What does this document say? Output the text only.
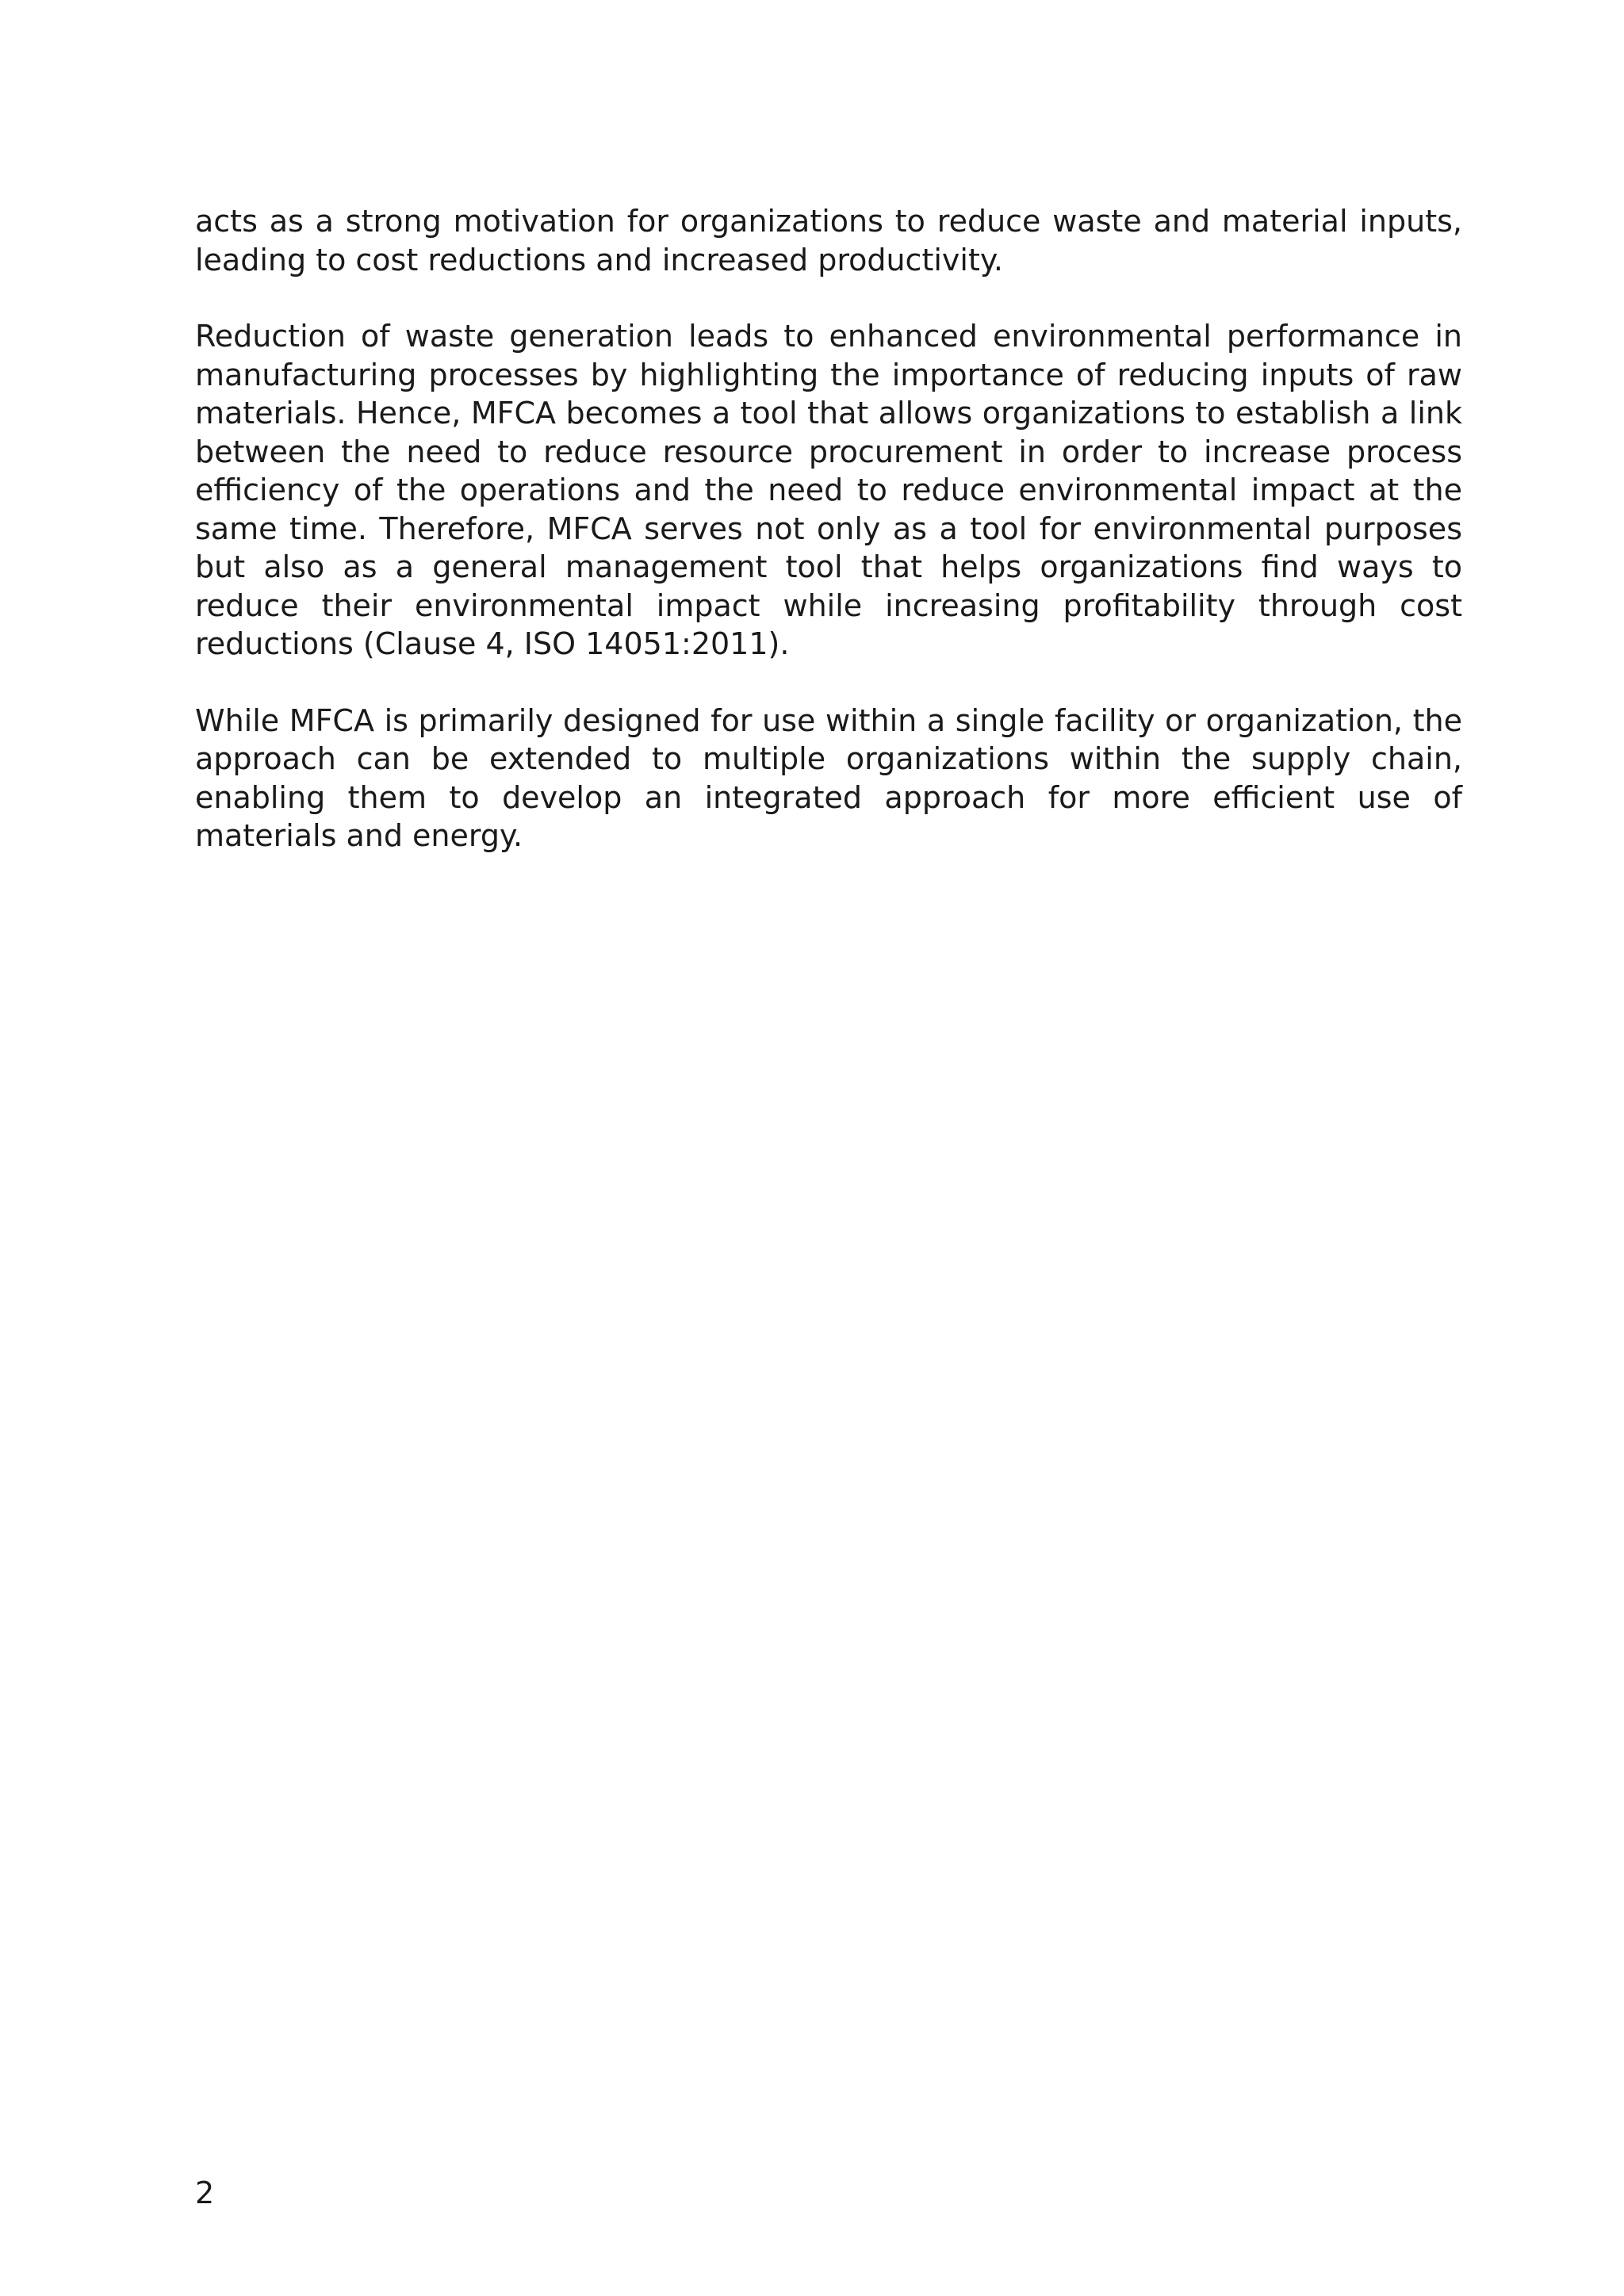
acts as a strong motivation for organizations to reduce waste and material inputs, leading to cost reductions and increased productivity.

Reduction of waste generation leads to enhanced environmental performance in manufacturing processes by highlighting the importance of reducing inputs of raw materials. Hence, MFCA becomes a tool that allows organizations to establish a link between the need to reduce resource procurement in order to increase process efficiency of the operations and the need to reduce environmental impact at the same time. Therefore, MFCA serves not only as a tool for environmental purposes but also as a general management tool that helps organizations find ways to reduce their environmental impact while increasing profitability through cost reductions (Clause 4, ISO 14051:2011).

While MFCA is primarily designed for use within a single facility or organization, the approach can be extended to multiple organizations within the supply chain, enabling them to develop an integrated approach for more efficient use of materials and energy.

2
